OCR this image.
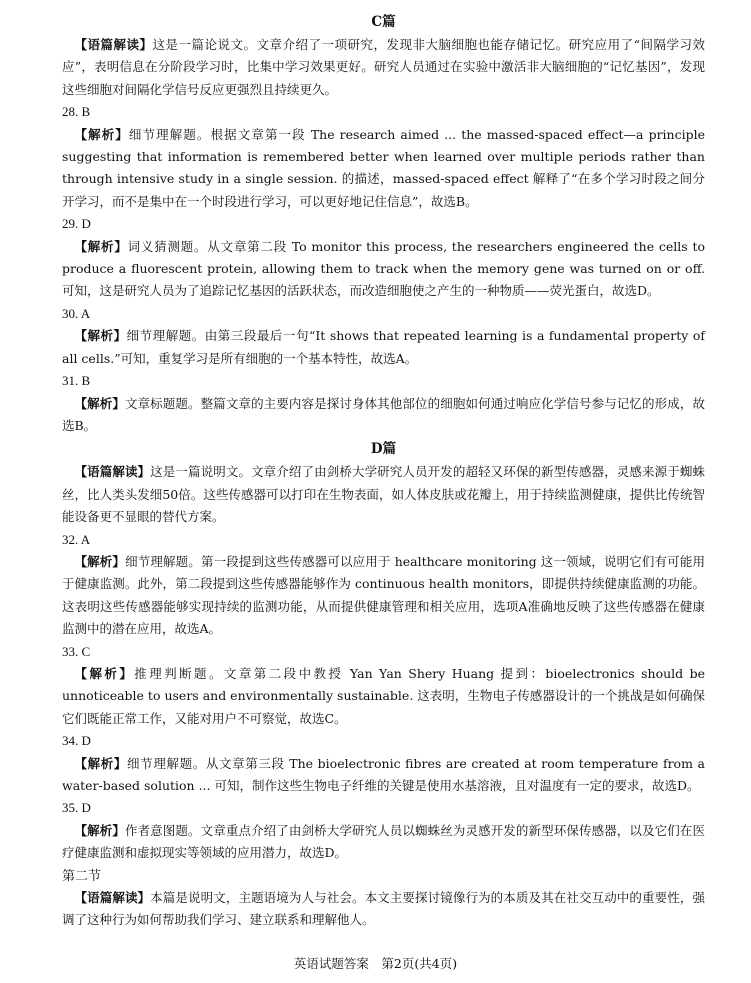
C篇

【语篇解读】这是一篇论说文。文章介绍了一项研究，发现非大脑细胞也能存储记忆。研究应用了“间隔学习效应”，表明信息在分阶段学习时，比集中学习效果更好。研究人员通过在实验中激活非大脑细胞的“记忆基因”，发现这些细胞对间隔化学信号反应更强烈且持续更久。

28. B

【解析】细节理解题。根据文章第一段 The research aimed ... the massed-spaced effect—a principle suggesting that information is remembered better when learned over multiple periods rather than through intensive study in a single session. 的描述，massed-spaced effect 解释了“在多个学习时段之间分开学习，而不是集中在一个时段进行学习，可以更好地记住信息”，故选B。

29. D

【解析】词义猜测题。从文章第二段 To monitor this process, the researchers engineered the cells to produce a fluorescent protein, allowing them to track when the memory gene was turned on or off. 可知，这是研究人员为了追踪记忆基因的活跃状态，而改造细胞使之产生的一种物质——荧光蛋白，故选D。

30. A

【解析】细节理解题。由第三段最后一句“It shows that repeated learning is a fundamental property of all cells.”可知，重复学习是所有细胞的一个基本特性，故选A。

31. B

【解析】文章标题题。整篇文章的主要内容是探讨身体其他部位的细胞如何通过响应化学信号参与记忆的形成，故选B。

D篇

【语篇解读】这是一篇说明文。文章介绍了由剑桥大学研究人员开发的超轻又环保的新型传感器，灵感来源于蜘蛛丝，比人类头发细50倍。这些传感器可以打印在生物表面，如人体皮肤或花瓣上，用于持续监测健康，提供比传统智能设备更不显眼的替代方案。

32. A

【解析】细节理解题。第一段提到这些传感器可以应用于 healthcare monitoring 这一领域，说明它们有可能用于健康监测。此外，第二段提到这些传感器能够作为 continuous health monitors，即提供持续健康监测的功能。这表明这些传感器能够实现持续的监测功能，从而提供健康管理和相关应用，选项A准确地反映了这些传感器在健康监测中的潜在应用，故选A。

33. C

【解析】推理判断题。文章第二段中教授 Yan Yan Shery Huang 提到：bioelectronics should be unnoticeable to users and environmentally sustainable. 这表明，生物电子传感器设计的一个挑战是如何确保它们既能正常工作，又能对用户不可察觉，故选C。

34. D

【解析】细节理解题。从文章第三段 The bioelectronic fibres are created at room temperature from a water-based solution ... 可知，制作这些生物电子纤维的关键是使用水基溶液，且对温度有一定的要求，故选D。

35. D

【解析】作者意图题。文章重点介绍了由剑桥大学研究人员以蜘蛛丝为灵感开发的新型环保传感器，以及它们在医疗健康监测和虚拟现实等领域的应用潜力，故选D。

第二节

【语篇解读】本篇是说明文，主题语境为人与社会。本文主要探讨镜像行为的本质及其在社交互动中的重要性，强调了这种行为如何帮助我们学习、建立联系和理解他人。

英语试题答案　第2页(共4页)
